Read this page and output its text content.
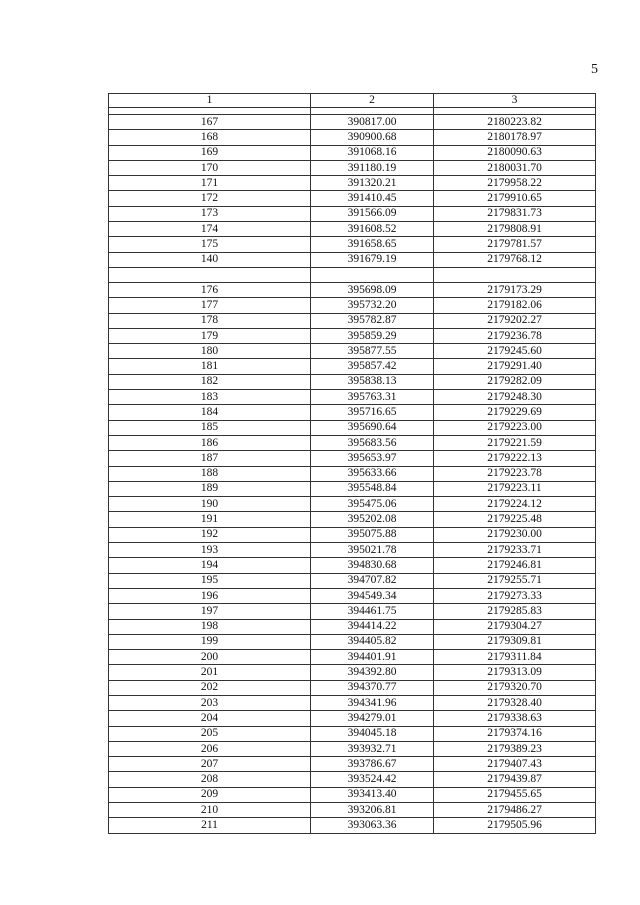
5
1	2	3

167	390817.00	2180223.82
168	390900.68	2180178.97
169	391068.16	2180090.63
170	391180.19	2180031.70
171	391320.21	2179958.22
172	391410.45	2179910.65
173	391566.09	2179831.73
174	391608.52	2179808.91
175	391658.65	2179781.57
140	391679.19	2179768.12

176	395698.09	2179173.29
177	395732.20	2179182.06
178	395782.87	2179202.27
179	395859.29	2179236.78
180	395877.55	2179245.60
181	395857.42	2179291.40
182	395838.13	2179282.09
183	395763.31	2179248.30
184	395716.65	2179229.69
185	395690.64	2179223.00
186	395683.56	2179221.59
187	395653.97	2179222.13
188	395633.66	2179223.78
189	395548.84	2179223.11
190	395475.06	2179224.12
191	395202.08	2179225.48
192	395075.88	2179230.00
193	395021.78	2179233.71
194	394830.68	2179246.81
195	394707.82	2179255.71
196	394549.34	2179273.33
197	394461.75	2179285.83
198	394414.22	2179304.27
199	394405.82	2179309.81
200	394401.91	2179311.84
201	394392.80	2179313.09
202	394370.77	2179320.70
203	394341.96	2179328.40
204	394279.01	2179338.63
205	394045.18	2179374.16
206	393932.71	2179389.23
207	393786.67	2179407.43
208	393524.42	2179439.87
209	393413.40	2179455.65
210	393206.81	2179486.27
211	393063.36	2179505.96
